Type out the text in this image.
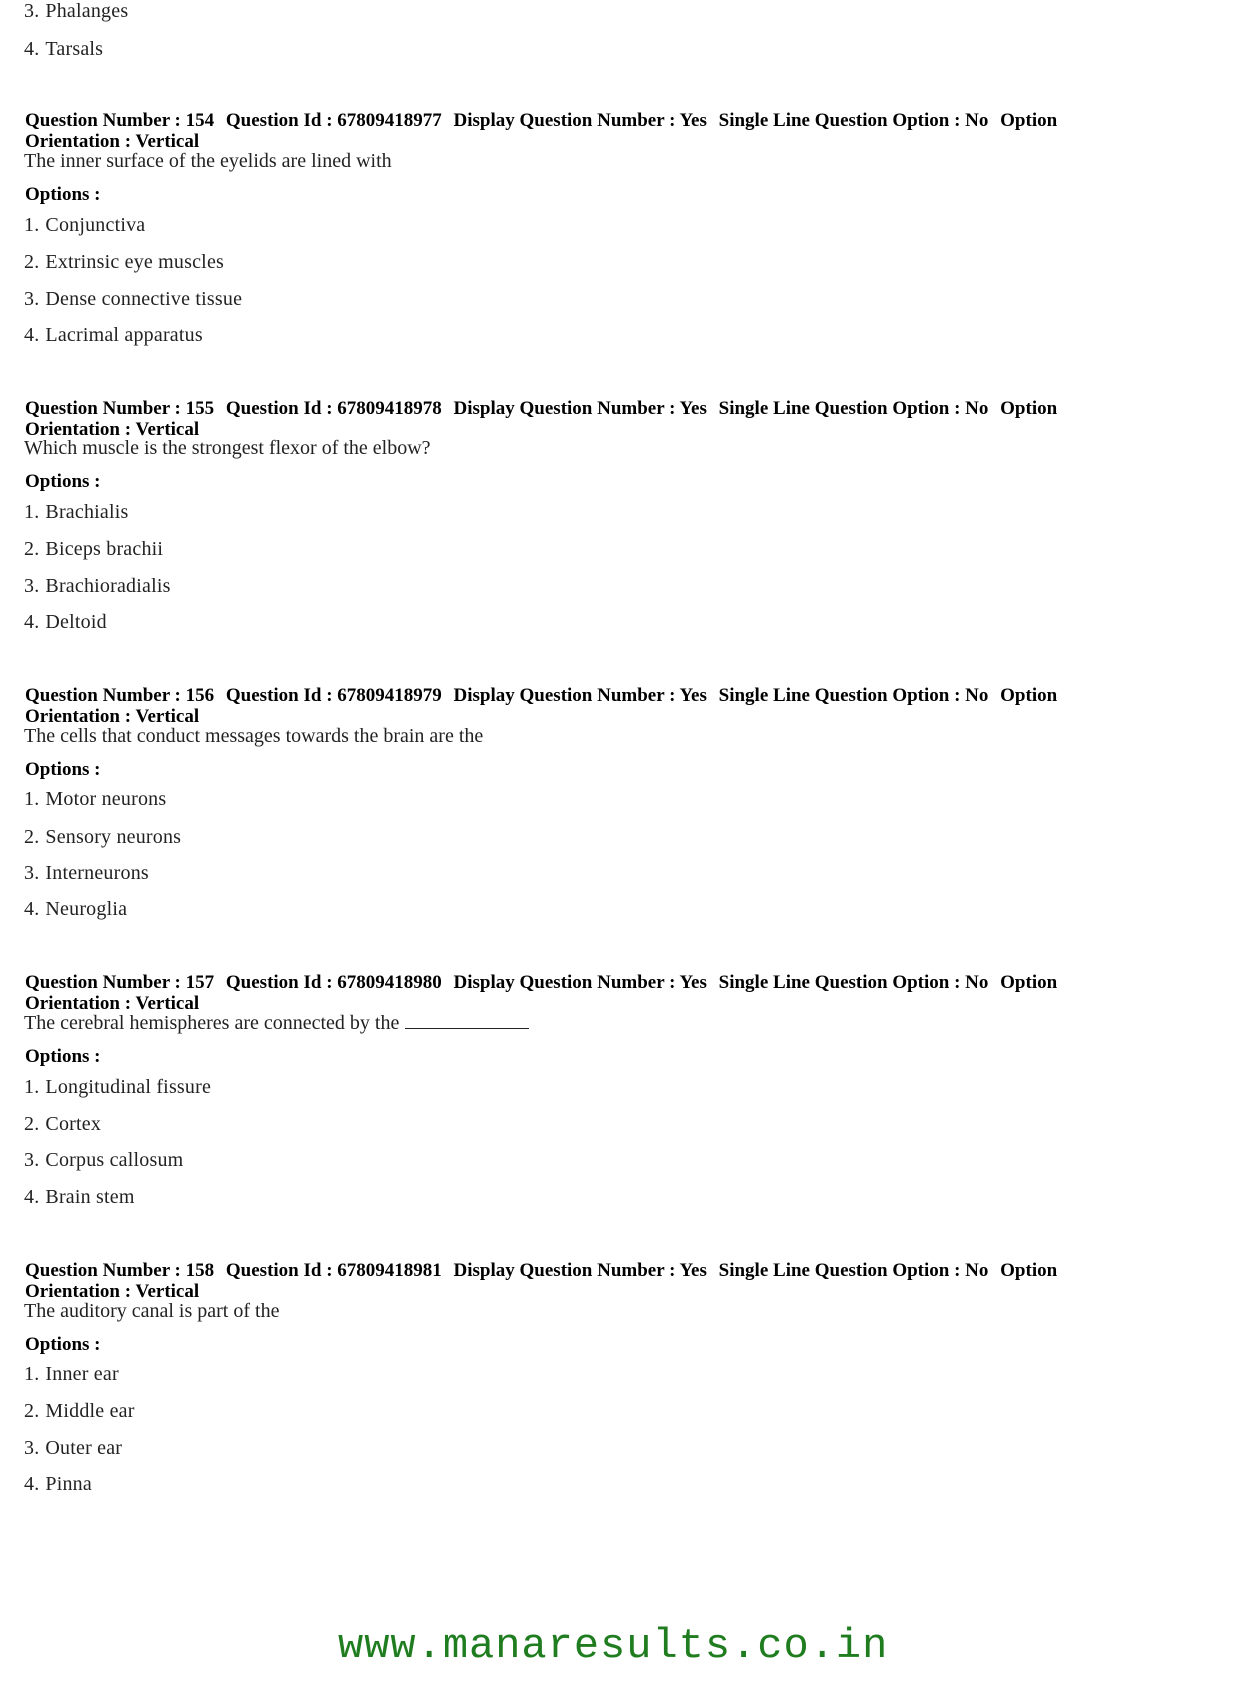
3. Phalanges
4. Tarsals
Question Number : 154 Question Id : 67809418977 Display Question Number : Yes Single Line Question Option : No Option
Orientation : Vertical
The inner surface of the eyelids are lined with
Options :
1. Conjunctiva
2. Extrinsic eye muscles
3. Dense connective tissue
4. Lacrimal apparatus
Question Number : 155 Question Id : 67809418978 Display Question Number : Yes Single Line Question Option : No Option
Orientation : Vertical
Which muscle is the strongest flexor of the elbow?
Options :
1. Brachialis
2. Biceps brachii
3. Brachioradialis
4. Deltoid
Question Number : 156 Question Id : 67809418979 Display Question Number : Yes Single Line Question Option : No Option
Orientation : Vertical
The cells that conduct messages towards the brain are the
Options :
1. Motor neurons
2. Sensory neurons
3. Interneurons
4. Neuroglia
Question Number : 157 Question Id : 67809418980 Display Question Number : Yes Single Line Question Option : No Option
Orientation : Vertical
The cerebral hemispheres are connected by the
Options :
1. Longitudinal fissure
2. Cortex
3. Corpus callosum
4. Brain stem
Question Number : 158 Question Id : 67809418981 Display Question Number : Yes Single Line Question Option : No Option
Orientation : Vertical
The auditory canal is part of the
Options :
1. Inner ear
2. Middle ear
3. Outer ear
4. Pinna
www.manaresults.co.in
